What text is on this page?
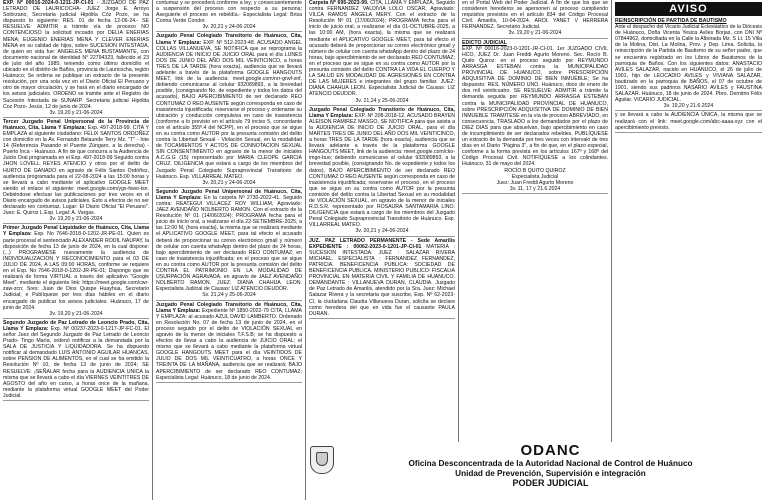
EXP. Nº 00016-2024-0-1211-JP-CI-01 - JUZGADO DE PAZ LETRADO DE LAURICOCHA- JUEZ Jorge E. Arroyo Solórzano, Secretaria judicial Hipólita Cóz Pozo, se ha dispuesto lo siguiente: RES. 01 de fecha 12-06-24.- SE RESUELVE: ADMITIR a trámite vía de proceso NO CONTENCIOSO la solicitud incoado por DELIA ENERIAS MENA; EUGENIO ENERIAS MENA Y CLEVER ENERIAS MENA en su calidad de hijos, sobre SUCESION INTESTADA, de quien en vida fue: ANGELES MENA BUSTAMANTE, con documento nacional de identidad N° 22794323, fallecido el 23 de julio del año 1985; teniendo como último domicilio el ubicado en el distrito de Baños, provincia de Lauricocha, región Huánuco; Se ordena se publique un extracto de la presente resolución, por una sola vez en el Diario Oficial El Peruano y otro de mayor circulación, y se hará en el diario encargado de los avisos judiciales. ORDENO se tramite ante el Registro de Sucesión Intestada de SUNARP. Secretaria judicial Hipólita Coz Pozo- Jesús, 12 de junio de 2024.

3v. 19,20 y 21-06-2024

Tercer Juzgado Penal Unipersonal de la Provincia de Huánuco, Cita, Llama Y Emplaza: Exp. 497-2018-99. CITA Y EMPLAZA al siguiente ciudadano: FÉLIX SANTOS ORDOÑEZ con domicilio en la Av. Fernando Belaunde Terry Mz. "T" - Iote 14 (Referencia Pasando el Puente Zúngaro, a la derecha) - Puerto Inca - Huánuco. A fin de que concurra a la Audiencia de Juicio Oral programada en el Exp. 497-2018-99 Seguido contra JHON LOVELL REYES ATENCIO y otros por el delito de HURTO DE GANADO en agravio de Félix Santos Ordóñez, audiencia programada para el 22-08-2024 a las 15:00 horas y se llevará a cabo mediante el aplicativo GOOGLE MEET siendo el enlace el siguiente: meet.google.com/ygx-fxwo-tsn. Debiéndose efectuar las publicaciones por tres veces en el Diario encargado de avisos judiciales. Esto a efectos de no ser declarado reo contumaz. Lugar: El Diario Oficial "El Peruano". Juez: E. Quiroz L.Esp. Legal: A. Vargas.

3v. 19,20 y 21-06-2024

Primer Juzgado Penal Liquidador de Huánuco, Cita, Llama Y Emplaza: Exp. No 7646-2018-0-1202-JR-PE-01. Quien es parte procesal el sentenciado ALEXANDER RODIL NAUPAY, la disposición de fecha 13 de junio de 2024, en la cual dispone: (...) PROGRAMESE nuevamente la audiencia de INDIVIDUALIZACION Y RECONOCIMIENTO para el 03 DE JULIO DE 2024, A LAS 09:00 HORAS, conforme se requiere en el Exp. No 7646-2018-0-1202-JR-PE-01; Dispongo que se realizará de forma VIRTUAL a través del aplicativo "Google Meet", mediante el siguiente link: https://meet.google.com/cwr-zaw-zcn; Sres: Juan de Dios Quispe Huayhua, Secretario Judicial; e Publíquese por tres días hábiles en el diario encargado de publicar los avisos judiciales. Huánuco, 17 de junio de 2024.

3v. 19,20 y 21-06-2024

Segundo Juzgado de Paz Letrado de Leoncio Prado, Cita, Llama Y Emplaza: Exp. Nº 00237-2023-0-1217-JP-FC-01. El señor Juez del Segundo Juzgado de Paz Letrado de Leoncio Prado- Tingo María, ordenó notificar a la demandada por la SALA DE JUSTICIA Y LIQUIDADORA. Se ha dispuesto notificar al demandado LUIS ANTONIO AGUILAR HUANCAS, sobre PENSION DE ALIMENTOS, en el cual se ha emitido la Resolución Nº 10, de fecha 13 de junio de 2024; SE RESUELVE: ¡SEÑALAR fecha para la AUDIENCIA UNICA la misma que se llevará a cabo el día VIERNES VEINTITRES DE AGOSTO del año en curso, a horas once de la mañana, mediante la plataforma virtual GOOGLE MEET del Poder Judicial.
contumaz y se procederá conforme a ley; y consecuentemente a suspensión del proceso con respecto a su persona; Aseguierle el proceso en rebeldía.- Especialista Legal: Brisa Corina Verde Condor.

3v. 20,21 y 24-06-2024

Juzgado Penal Colegiado Transitorio de Huánuco, Cita, Llama Y Emplaza: EXP. Nº 512-2023-48. ACUSADO ANGEL COLLAS VILLANUEVA, SE NOTIFICA que se reprograma la AUDIENCIA DE INICIO DE JUICIO ORAL para el día LUNES DOS DE JUNIO DEL AÑO DOS MIL VEINTICINCO, a horas TRES DE LA TARDE (hora exacta), audiencia que se llevará adelante a través de la plataforma GOOGLE HANGOUTS MEET, link de la audiencia: meet.google.com/nrr-grwf-xnf, debiendo comunicarse al celular 932089893, a la brevedad posible, (consignando No. de expediente y todos los datos del acusado), BAJO APERCIBIMIENTO de ser declarado REO CONTUMAZ O REO AUSENTE según corresponda en caso de inasistencia injustificada; reservarse el proceso y ordenarse su ubicación y conducción compulsiva en caso de inasistencia (conforme a lo previsto en el artículo 79 inciso 5, concordante con el artículo 355º.4 del NCPP), en el proceso que se sigue en su contra como AUTOR por la presunta comisión del delito contra la Libertad Sexual - Violación Sexual, en la modalidad de TOCAMIENTOS Y ACTOS DE CONNOTACION SEXUAL SIN CONSENTIMIENTO en agravio de la menor de iniciales A.C.G.G (15) representado por MARIA CLEOPE GARCIA CRUZ. DILIGENCIA que estará a cargo de los miembros del Juzgado Penal Colegiado Supraprovincial Transitorio de Huánuco. Esp. VILLARREAL MATEO.

3v. 20,21 y 24-06-2024

Segundo Juzgado Penal Unipersonal de Huánuco, Cita, Llama Y Emplaza: En la carpeta Nº 2730-2022-41. Seguido contra: REATEGUI VILLACEZ ROY WILLIAM, Agraviado: JAEZ AVENDAÑO NOLBERTO RAMON. Con el extracto de la Resolución Nº 01 (14/06/2024); PROGRAMA fecha para el juicio de inicio oral, a realizarse el día 22-SETIEMBRE-2025, a las 12:00 M, (hora exacta), la misma que se realizará mediante el APLICATIVO GOOGLE MEET, para tal efecto el acusado deberá de proporcionar su correo electrónico gmail y número de celular con cuenta whatsApp dentro del plazo de 24 horas, bajo apercibimiento de ser declarado REO CONTUMAZ; en caso de inasistencia injustificada; en el proceso que se sigue en su contra como AUTOR por la presunta comisión del delito CONTRA EL PATRIMONIO EN LA MODALIDAD DE USURPACIÓN AGRAVADA, en agravio de JAEZ AVENDAÑO NOLBERTO RAMON. JUEZ: DIANA CHAHUA LEON. Especialista Judicial de Causas: LIZ ATENCIO DEUDOR.

Sv. 21,24 y 25-06-2024

Juzgado Penal Colegiado Transitorio de Huánuco, Cita, Llama Y Emplaza: Expediente Nº 1850-2022-79 CITA, LLAMA Y EMPLAZA: al acusado AZUL DAVID LAMBERTO. Ordenado en Resolución No. 07 de fecha 13 de junio de 2024, en el proceso seguido por el delito de VIOLACIÓN SEXUAL en agravio de la menor de iniciales T.F.S.B; se ha dispuesto a efectos de llevar a cabo la audiencia de JUICIO ORAL; el mismo que se llevará a cabo mediante la plataforma virtual GOOGLE HANGOUTS MEET para el día VEINTIDOS DE JULIO DE DOS MIL VEINTICUATRO, a horas ONCE Y TREINTA DE LA MAÑANA, audiencia que se realizará; BAJO APERCIBIMIENTO de ser declarado REO CONTUMAZ; Especialista Legal: Huánuco, 18 de junio de 2024.
Carpeta Nº 695-2023-99. CITA, LLAMA Y EMPLAZA, Seguido contra FERNANDEZ VALDIVIA LOLO OSCAR, Agraviado: VILCA RAMOS ANGELA MERY. Con el extracto de la Resolución Nº 01 (17/06/2024); PROGRAMA fecha para el inicio de juicio oral, a realizarse el día 01-OCTUBRE-2025, a las 10:00 AM, (hora exacta), la misma que se realizará mediante el APLICATIVO GOOGLE MEET, para tal efecto el acusado deberá de proporcionar su correo electrónico gmail y número de celular con cuenta whatsApp dentro del plazo de 24 horas, bajo apercibimiento de ser declarado REO CONTUMAZ; en el proceso que se sigue en su contra como AUTOR por la presunta comisión del delito CONTRA LA VIDA EL CUERPO Y LA SALUD EN MODALIDAD DE AGRESIONES EN CONTRA DE LAS MUJERES e integrantes del grupo familiar. JUEZ: DIANA CHAHUA LEON. Especialista Judicial de Causas: LIZ ATENCIO DEUDOR.

3v. 21,24 y 25-06-2024

Juzgado Penal Colegiado Transitorio de Huánuco, Cita, Llama Y Emplaza: EXP. Nº 208-2018-12. ACUSADO BRAYEN ALEISON RAMIREZ MASGO, SE NOTIFICA para que asista a la AUDIENCIA DE INICIO DE JUICIO ORAL, para el día MARTES TRES DE JUNIO DEL AÑO DOS MIL VEINTICINCO, a horas TRES DE LA TARDE (hora exacta), audiencia que se llevará adelante a través de la plataforma GOOGLE HANGOUTS MEET, link de la audiencia: meet.google.com/cko-imgn-buo; debiendo comunicarse al celular 932089893, a la brevedad posible, (consignando No. de expediente y todos los datos), BAJO APERCIBIMIENTO de ser declarado REO CONTUMAZ O REO AUSENTE según corresponda en caso de inasistencia injustificada; reservarse el proceso, en el proceso que se sigue en su contra como AUTOR por la presunta comisión del delito contra la Libertad Sexual en su modalidad de VIOLACIÓN SEXUAL, en agravio de la menor de iniciales R.D.S.R. representado por ROSAURA SANTAMARIA LINO. DILIGENCIA que estará a cargo de los miembros del Juzgado Penal Colegiado Supraprovincial Transitorio de Huánuco. Esp. VILLARREAL MATEO.

3v. 20,21 y 24-06-2024

JUZ. PAZ LETRADO PERMANENTE - Sede Amarilis EXPEDIENTE : 00062-2023-0-1201-JP-CI-01 MATERIA : SUCESION INTESTADA. JUEZ : SALAZAR RIVERA MICHAEL. ESPECIALISTA : FERNANDEZ FERNANDEZ, PATRICIA. BENEFICENCIA PUBLICA: SOCIEDAD DE BENEFICENCIA PUBLICA. MINISTERIO PUBLICO: FISCALIA PROVINCIAL EN MATERIA CIVIL Y FAMILIA DE HUANUCO. DEMANDANTE : VILLANUEVA DURAN, CLAUDIA. Juzgado de Paz Letrado de Amarilis, atendido por la Sra. Juez: Michael Salazar Rivera y la secretaria que suscribe, Exp. Nº 62-2023-CI, la ciudadana Claudia Villanueva Duran, solicita se declare como heredera del que en vida fue el causante PAULA DURAN.
en el Portal Web del Poder Judicial. A fin de que los que se consideren herederos se apersonen al proceso cumpliendo requisitos previstos en el artículo 834 del Código Procesal Civil. Amarilis, 10-04-2024. AROL YANET V HERRERA FERNANDEZ. Secretario Judicial.

3v. 19,20 y 21-06-2024

EDICTO JUDICIAL

EXP. Nº 00016-2023-0-1201-JR-CI-01. 1er JUZGADO CIVIL HCO, JUEZ Dr. Juan Freddi Agurto Moreno. Sec. Rocío B. Quito Quiroz: en el proceso seguido por REYMUNDO ARRASGA ESTEBAN contra la MUNICIPALIDAD PROVINCIAL DE HUANUCO, sobre PRESCRIPCIÓN ADQUISITIVA DE DOMINIO DE BIEN INMUEBLE; Se ha dispuesto: RES. NÚMERO UNO. Huánuco, doce de enero de dos mil veinticuatro. SE RESUELVE: ADMITIR a trámite la demanda seguida por REYMUNDO ARRASGA ESTEBAN contra la MUNICIPALIDAD PROVINCIAL DE HUANUCO, sobre PRESCRIPCIÓN ADQUISITIVA DE DOMINIO DE BIEN INMUEBLE TRAMITESE en la vía de proceso ABREVIADO, en consecuencia, TRASLADO a los demandados por el plazo de DIEZ DIAS para que absuelvan, bajo apercibimiento en caso de incumplimiento de ser declarados rebeldes. PUBLÍQUESE un extracto de la demanda por tres veces con intervalo de tres días en el Diario "Página 3", a fin de que, en el plazo especial, conforme a la forma prevista en los artículos 167º y 168º del Código Procesal Civil. NOTIFÍQUESE a los colindantes. Huánuco, 31 de mayo del 2024.

ROCÍO B QUITO QUIROZ
Especialista Judicial
Juez: Juan Freddi Agurto Moreno
3v. 11, 17 y 21.6.2024

AVISO

REINSCRIPCIÓN DE PARTIDA DE BAUTISMO

Ante el despacho del Vicario Judicial Eclesiástico de la Diócesis de Huánuco, Doña Vicenta Yesica Aviles Borjas, con DNI Nº 07844962, domiciliada en la Calle la Alborada Mz. S Lt. 15 Villa de la Molina, Dist. La Molina, Prov. y Dep. Lima. Solicita, la reinscripción de la Partida de Bautismo de su señor padre, que se encuentra registrado en los Libros de Bautismos de la parroquia de Baños. Con los siguientes datos: ANASTACIO AVILES SALAZAR, nacido en HUÁNUCO, el 26 de julio de 1901, hijo de LEOCADIO AVILES y VIVIANA SALAZAR, bautizado en la parroquia de BAÑOS, el 07 de octubre de 1901, siendo sus padrinos NASARIO AVILES y FAUSTINA SALAZAR. Huánuco, 18 de junio de 2024. Pbro. Dernitrio Félix Aguilar. VICARIO JUDICIAL.

3v. 19,20 y 21.6.2024

y se llevará a cabo la AUDIENCIA ÚNICA, la misma que se realizará con el link: meet.google.com/abc-aaaa-xyz con el apercibimiento previsto.
ODANC
Oficina Desconcentrada de la Autoridad Nacional de Control de Huánuco
Unidad de Prevención, Supervisión e integración
PODER JUDICIAL
